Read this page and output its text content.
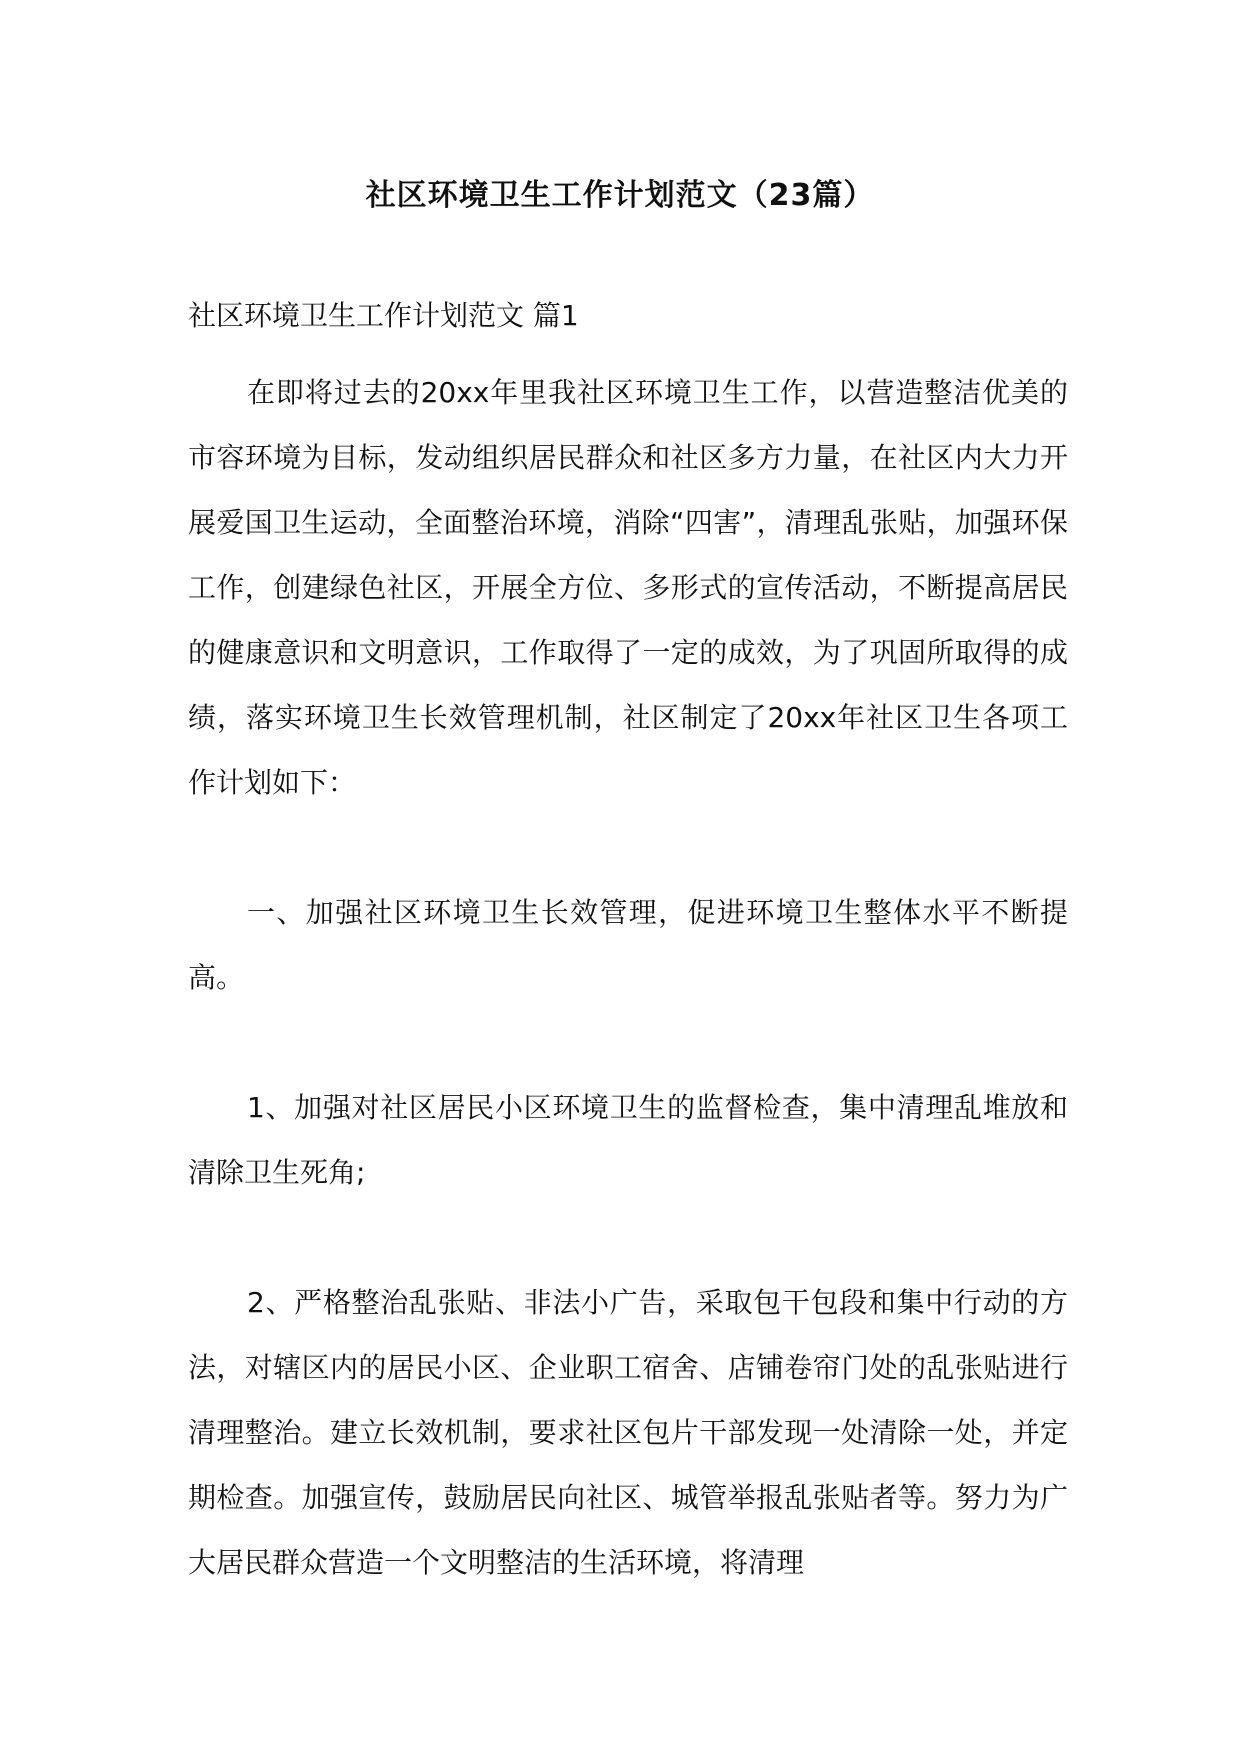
社区环境卫生工作计划范文（23篇）
社区环境卫生工作计划范文 篇1
在即将过去的20xx年里我社区环境卫生工作，以营造整洁优美的市容环境为目标，发动组织居民群众和社区多方力量，在社区内大力开展爱国卫生运动，全面整治环境，消除“四害”，清理乱张贴，加强环保工作，创建绿色社区，开展全方位、多形式的宣传活动，不断提高居民的健康意识和文明意识，工作取得了一定的成效，为了巩固所取得的成绩，落实环境卫生长效管理机制，社区制定了20xx年社区卫生各项工作计划如下：
一、加强社区环境卫生长效管理，促进环境卫生整体水平不断提高。
1、加强对社区居民小区环境卫生的监督检查，集中清理乱堆放和清除卫生死角;
2、严格整治乱张贴、非法小广告，采取包干包段和集中行动的方法，对辖区内的居民小区、企业职工宿舍、店铺卷帘门处的乱张贴进行清理整治。建立长效机制，要求社区包片干部发现一处清除一处，并定期检查。加强宣传，鼓励居民向社区、城管举报乱张贴者等。努力为广大居民群众营造一个文明整洁的生活环境，将清理
